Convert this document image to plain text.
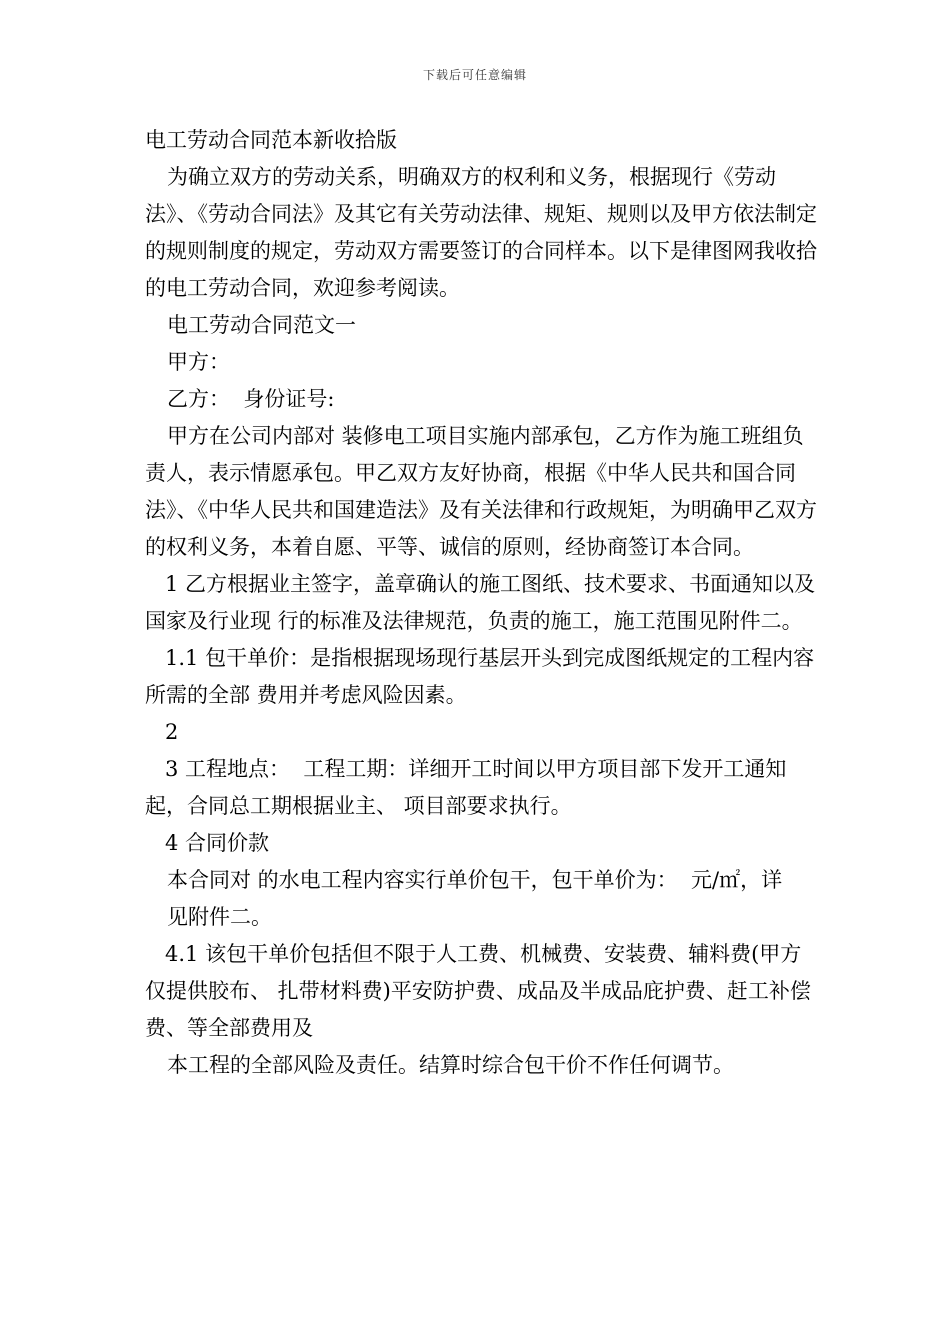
下载后可任意编辑

电工劳动合同范本新收拾版

为确立双方的劳动关系，明确双方的权利和义务，根据现行《劳动法》、《劳动合同法》及其它有关劳动法律、规矩、规则以及甲方依法制定的规则制度的规定，劳动双方需要签订的合同样本。以下是律图网我收拾的电工劳动合同，欢迎参考阅读。

电工劳动合同范文一

甲方：

乙方：  身份证号:

甲方在公司内部对 装修电工项目实施内部承包，乙方作为施工班组负责人，表示情愿承包。甲乙双方友好协商，根据《中华人民共和国合同法》、《中华人民共和国建造法》及有关法律和行政规矩，为明确甲乙双方的权利义务，本着自愿、平等、诚信的原则，经协商签订本合同。

1 乙方根据业主签字，盖章确认的施工图纸、技术要求、书面通知以及国家及行业现 行的标准及法律规范，负责的施工，施工范围见附件二。

1.1 包干单价：是指根据现场现行基层开头到完成图纸规定的工程内容所需的全部 费用并考虑风险因素。

2

3 工程地点：  工程工期：详细开工时间以甲方项目部下发开工通知起，合同总工期根据业主、 项目部要求执行。

4 合同价款

本合同对 的水电工程内容实行单价包干，包干单价为：  元/㎡，详

见附件二。

4.1 该包干单价包括但不限于人工费、机械费、安装费、辅料费(甲方仅提供胶布、 扎带材料费)平安防护费、成品及半成品庇护费、赶工补偿费、等全部费用及

本工程的全部风险及责任。结算时综合包干价不作任何调节。
